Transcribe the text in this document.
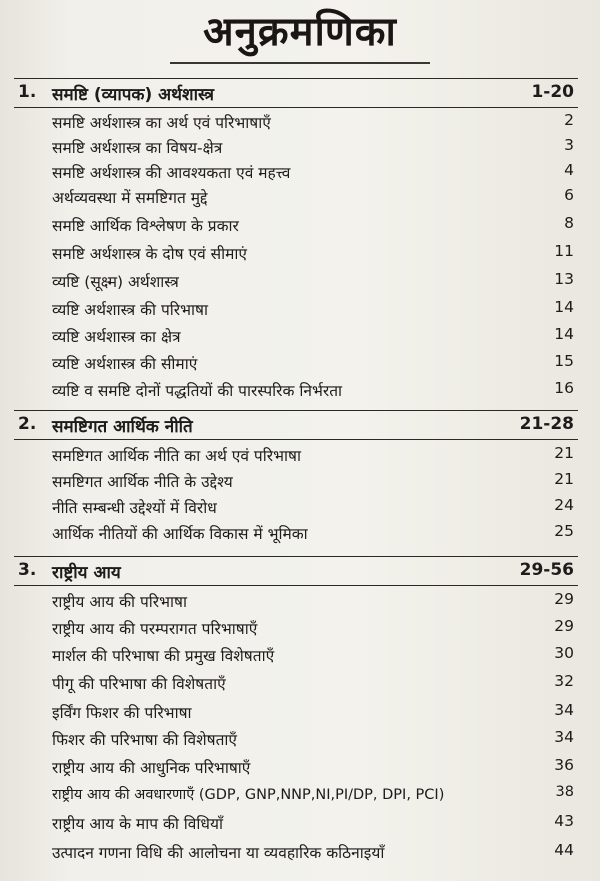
अनुक्रमणिका
1. समष्टि (व्यापक) अर्थशास्त्र	1-20
समष्टि अर्थशास्त्र का अर्थ एवं परिभाषाएँ	2
समष्टि अर्थशास्त्र का विषय-क्षेत्र	3
समष्टि अर्थशास्त्र की आवश्यकता एवं महत्त्व	4
अर्थव्यवस्था में समष्टिगत मुद्दे	6
समष्टि आर्थिक विश्लेषण के प्रकार	8
समष्टि अर्थशास्त्र के दोष एवं सीमाएं	11
व्यष्टि (सूक्ष्म) अर्थशास्त्र	13
व्यष्टि अर्थशास्त्र की परिभाषा	14
व्यष्टि अर्थशास्त्र का क्षेत्र	14
व्यष्टि अर्थशास्त्र की सीमाएं	15
व्यष्टि व समष्टि दोनों पद्धतियों की पारस्परिक निर्भरता	16
2. समष्टिगत आर्थिक नीति	21-28
समष्टिगत आर्थिक नीति का अर्थ एवं परिभाषा	21
समष्टिगत आर्थिक नीति के उद्देश्य	21
नीति सम्बन्धी उद्देश्यों में विरोध	24
आर्थिक नीतियों की आर्थिक विकास में भूमिका	25
3. राष्ट्रीय आय	29-56
राष्ट्रीय आय की परिभाषा	29
राष्ट्रीय आय की परम्परागत परिभाषाएँ	29
मार्शल की परिभाषा की प्रमुख विशेषताएँ	30
पीगू की परिभाषा की विशेषताएँ	32
इर्विंग फिशर की परिभाषा	34
फिशर की परिभाषा की विशेषताएँ	34
राष्ट्रीय आय की आधुनिक परिभाषाएँ	36
राष्ट्रीय आय की अवधारणाएँ (GDP, GNP,NNP,NI,PI/DP, DPI, PCI)	38
राष्ट्रीय आय के माप की विधियाँ	43
उत्पादन गणना विधि की आलोचना या व्यवहारिक कठिनाइयाँ	44
